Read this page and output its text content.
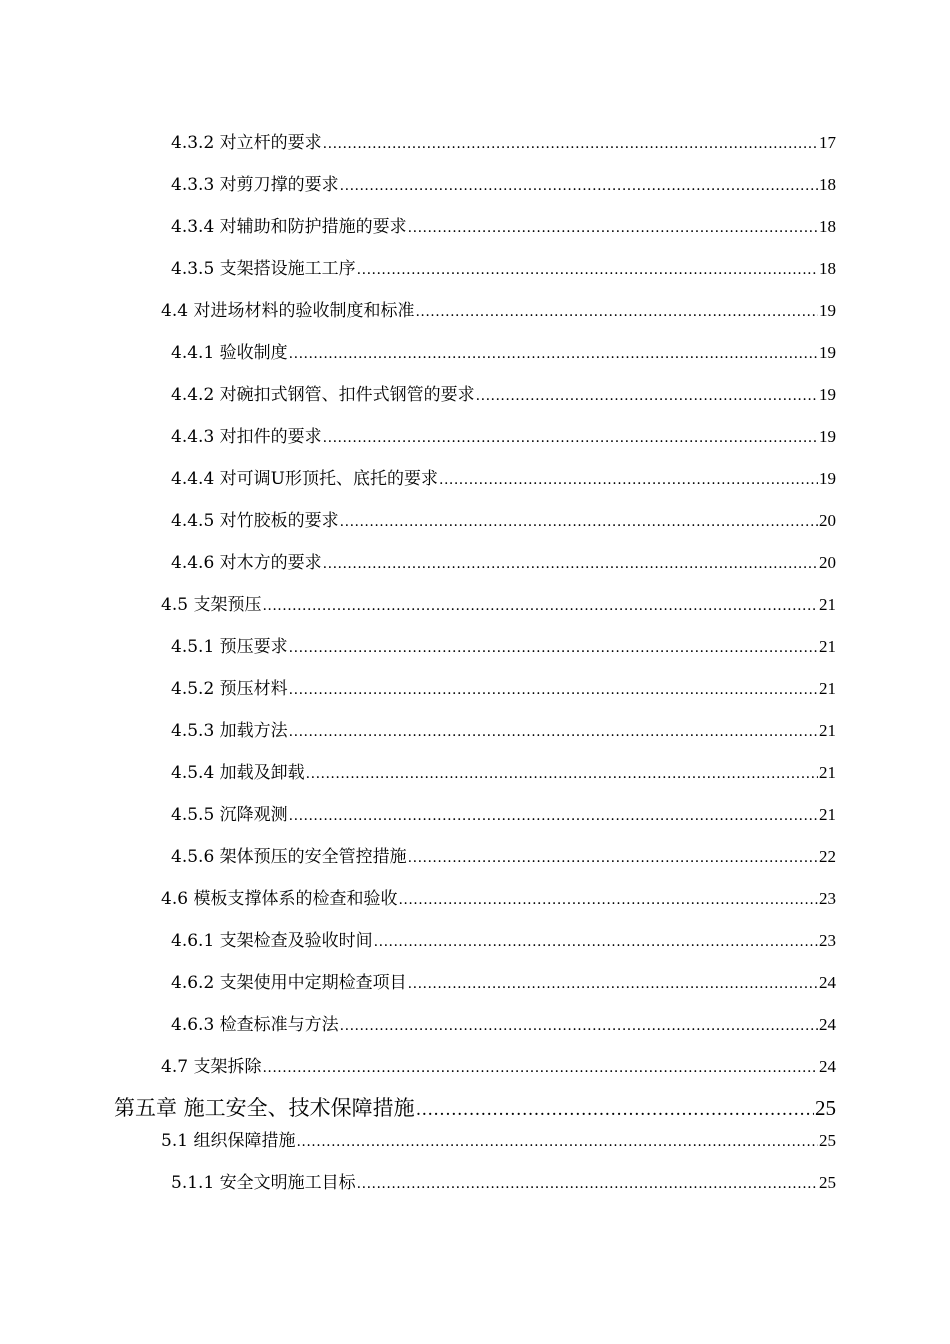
4.3.2 对立杆的要求 .....	17
4.3.3 对剪刀撑的要求 .....	18
4.3.4 对辅助和防护措施的要求 .....	18
4.3.5 支架搭设施工工序 .....	18
4.4 对进场材料的验收制度和标准 .....	19
4.4.1 验收制度 .....	19
4.4.2 对碗扣式钢管、扣件式钢管的要求 .....	19
4.4.3 对扣件的要求 .....	19
4.4.4 对可调U形顶托、底托的要求 .....	19
4.4.5 对竹胶板的要求 .....	20
4.4.6 对木方的要求 .....	20
4.5 支架预压 .....	21
4.5.1 预压要求 .....	21
4.5.2 预压材料 .....	21
4.5.3 加载方法 .....	21
4.5.4 加载及卸载 .....	21
4.5.5 沉降观测 .....	21
4.5.6 架体预压的安全管控措施 .....	22
4.6 模板支撑体系的检查和验收 .....	23
4.6.1 支架检查及验收时间 .....	23
4.6.2 支架使用中定期检查项目 .....	24
4.6.3 检查标准与方法 .....	24
4.7 支架拆除 .....	24
第五章 施工安全、技术保障措施 .....	25
5.1 组织保障措施 .....	25
5.1.1 安全文明施工目标 .....	25
